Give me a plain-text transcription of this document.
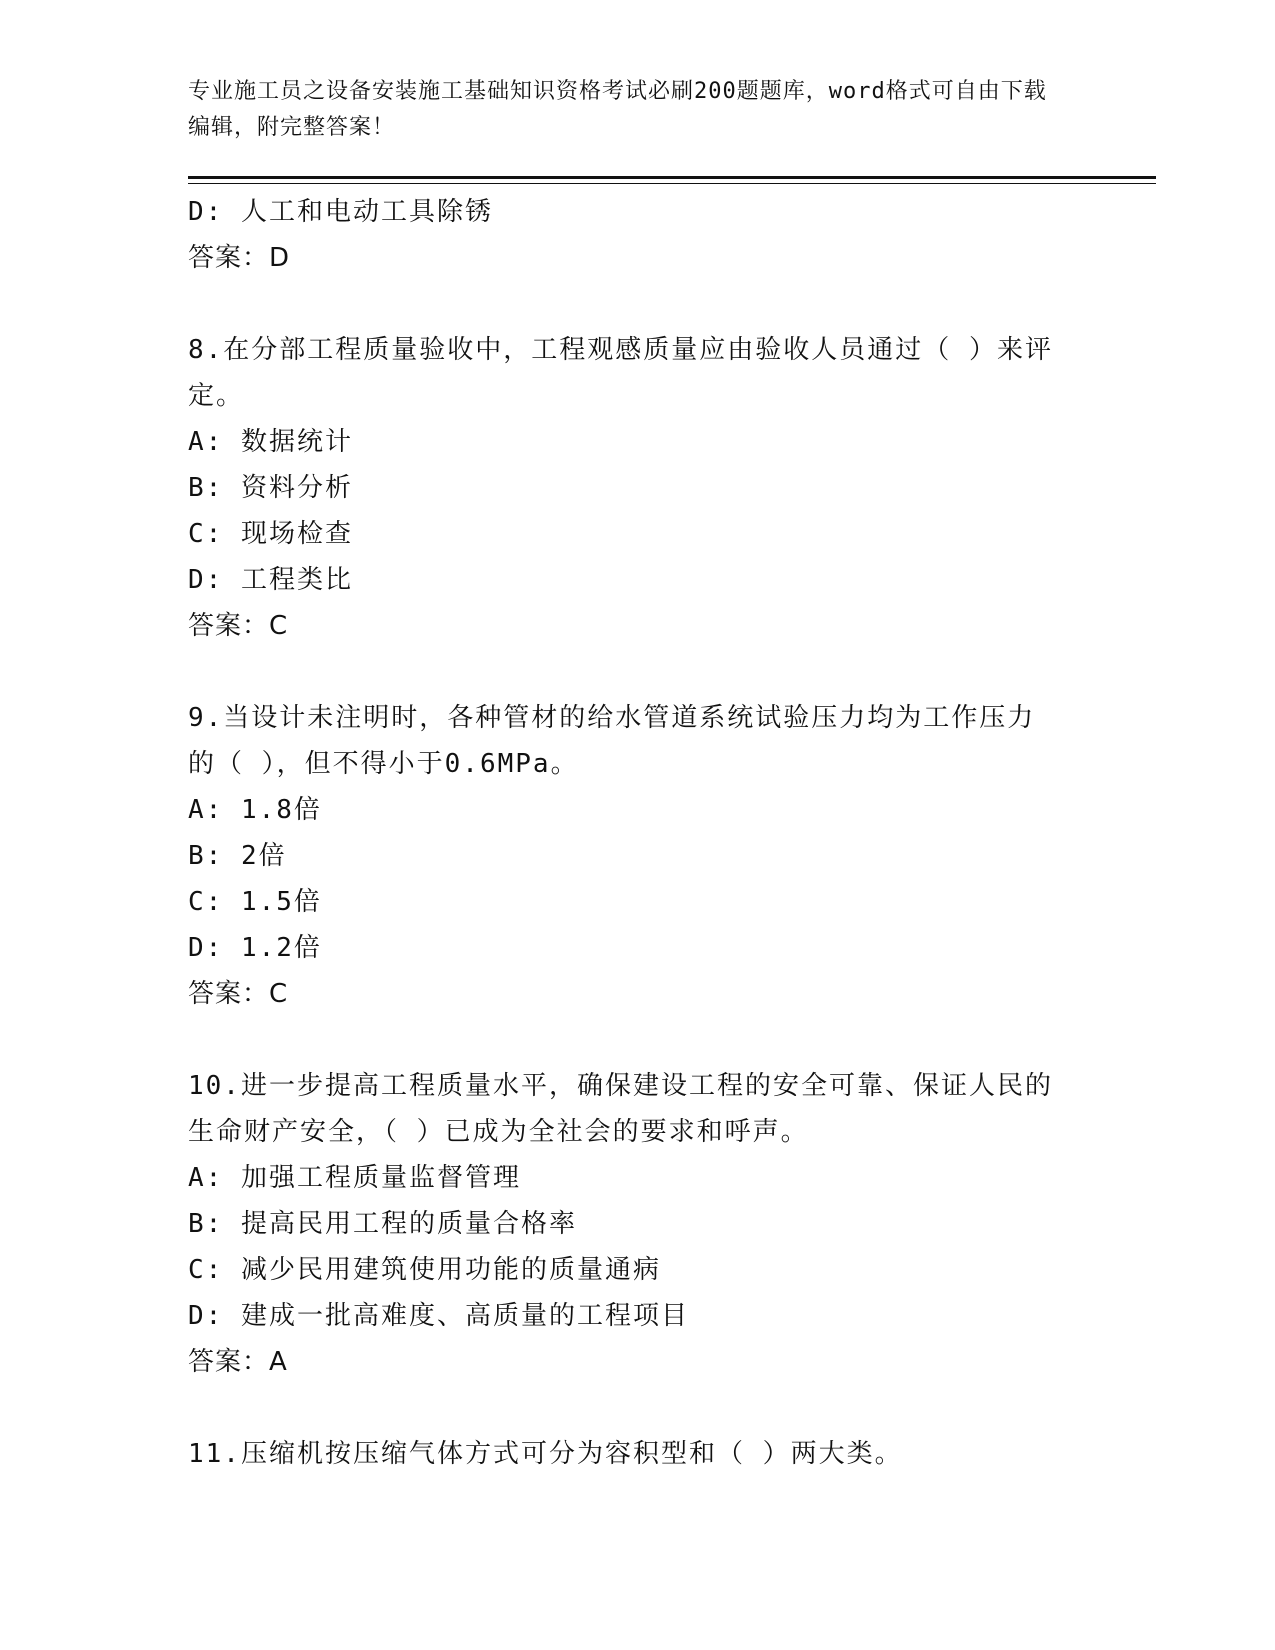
专业施工员之设备安装施工基础知识资格考试必刷200题题库，word格式可自由下载编辑，附完整答案！
D: 人工和电动工具除锈
答案：D
8.在分部工程质量验收中，工程观感质量应由验收人员通过（ ）来评
定。
A: 数据统计
B: 资料分析
C: 现场检查
D: 工程类比
答案：C
9.当设计未注明时，各种管材的给水管道系统试验压力均为工作压力
的（ ），但不得小于0.6MPa。
A: 1.8倍
B: 2倍
C: 1.5倍
D: 1.2倍
答案：C
10.进一步提高工程质量水平，确保建设工程的安全可靠、保证人民的
生命财产安全，（ ）已成为全社会的要求和呼声。
A: 加强工程质量监督管理
B: 提高民用工程的质量合格率
C: 减少民用建筑使用功能的质量通病
D: 建成一批高难度、高质量的工程项目
答案：A
11.压缩机按压缩气体方式可分为容积型和（ ）两大类。
